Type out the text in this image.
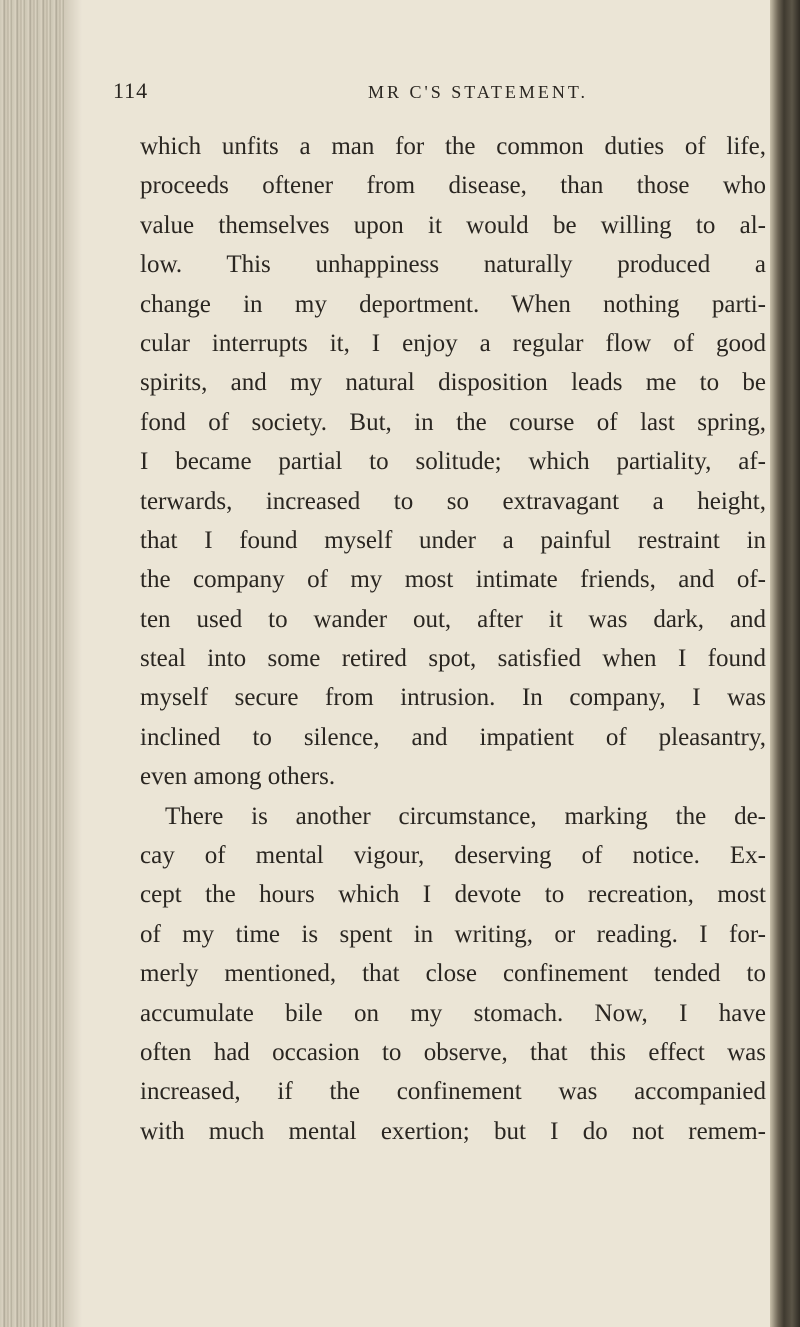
114	MR C'S STATEMENT.
which unfits a man for the common duties of life,
proceeds oftener from disease, than those who
value themselves upon it would be willing to al-
low. This unhappiness naturally produced a
change in my deportment. When nothing parti-
cular interrupts it, I enjoy a regular flow of good
spirits, and my natural disposition leads me to be
fond of society. But, in the course of last spring,
I became partial to solitude; which partiality, af-
terwards, increased to so extravagant a height,
that I found myself under a painful restraint in
the company of my most intimate friends, and of-
ten used to wander out, after it was dark, and
steal into some retired spot, satisfied when I found
myself secure from intrusion. In company, I was
inclined to silence, and impatient of pleasantry,
even among others.
There is another circumstance, marking the de-
cay of mental vigour, deserving of notice. Ex-
cept the hours which I devote to recreation, most
of my time is spent in writing, or reading. I for-
merly mentioned, that close confinement tended to
accumulate bile on my stomach. Now, I have
often had occasion to observe, that this effect was
increased, if the confinement was accompanied
with much mental exertion; but I do not remem-
